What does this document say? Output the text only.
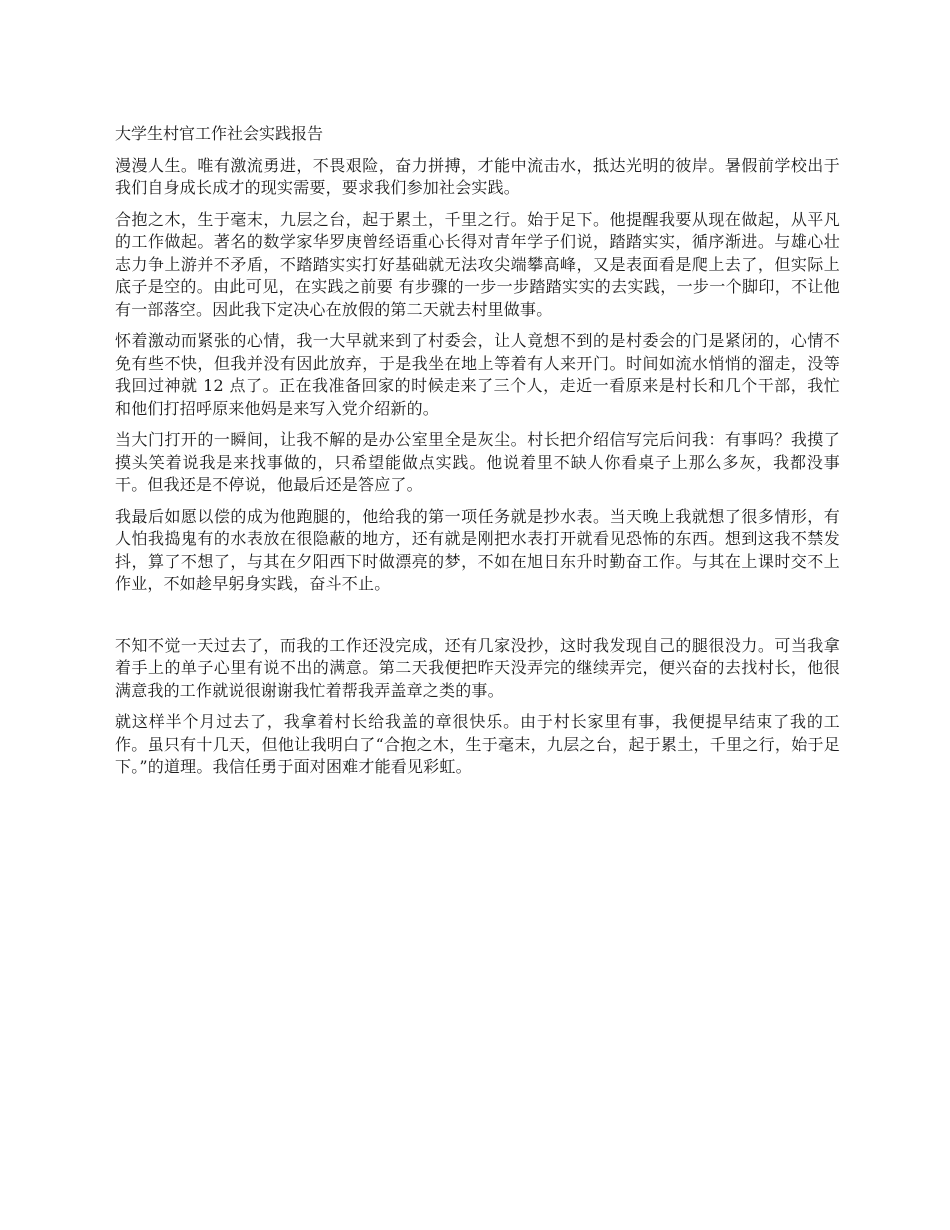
大学生村官工作社会实践报告

漫漫人生。唯有激流勇进，不畏艰险，奋力拼搏，才能中流击水，抵达光明的彼岸。暑假前学校出于我们自身成长成才的现实需要，要求我们参加社会实践。

合抱之木，生于毫末，九层之台，起于累土，千里之行。始于足下。他提醒我要从现在做起，从平凡的工作做起。著名的数学家华罗庚曾经语重心长得对青年学子们说，踏踏实实，循序渐进。与雄心壮志力争上游并不矛盾，不踏踏实实打好基础就无法攻尖端攀高峰，又是表面看是爬上去了，但实际上底子是空的。由此可见，在实践之前要 有步骤的一步一步踏踏实实的去实践，一步一个脚印，不让他有一部落空。因此我下定决心在放假的第二天就去村里做事。

怀着激动而紧张的心情，我一大早就来到了村委会，让人竟想不到的是村委会的门是紧闭的，心情不免有些不快，但我并没有因此放弃，于是我坐在地上等着有人来开门。时间如流水悄悄的溜走，没等我回过神就 12 点了。正在我准备回家的时候走来了三个人，走近一看原来是村长和几个干部，我忙和他们打招呼原来他妈是来写入党介绍新的。

当大门打开的一瞬间，让我不解的是办公室里全是灰尘。村长把介绍信写完后问我：有事吗？我摸了摸头笑着说我是来找事做的，只希望能做点实践。他说着里不缺人你看桌子上那么多灰，我都没事干。但我还是不停说，他最后还是答应了。

我最后如愿以偿的成为他跑腿的，他给我的第一项任务就是抄水表。当天晚上我就想了很多情形，有人怕我捣鬼有的水表放在很隐蔽的地方，还有就是刚把水表打开就看见恐怖的东西。想到这我不禁发抖，算了不想了，与其在夕阳西下时做漂亮的梦，不如在旭日东升时勤奋工作。与其在上课时交不上作业，不如趁早躬身实践，奋斗不止。

不知不觉一天过去了，而我的工作还没完成，还有几家没抄，这时我发现自己的腿很没力。可当我拿着手上的单子心里有说不出的满意。第二天我便把昨天没弄完的继续弄完，便兴奋的去找村长，他很满意我的工作就说很谢谢我忙着帮我弄盖章之类的事。

就这样半个月过去了，我拿着村长给我盖的章很快乐。由于村长家里有事，我便提早结束了我的工作。虽只有十几天，但他让我明白了“合抱之木，生于毫末，九层之台，起于累土，千里之行，始于足下。”的道理。我信任勇于面对困难才能看见彩虹。
